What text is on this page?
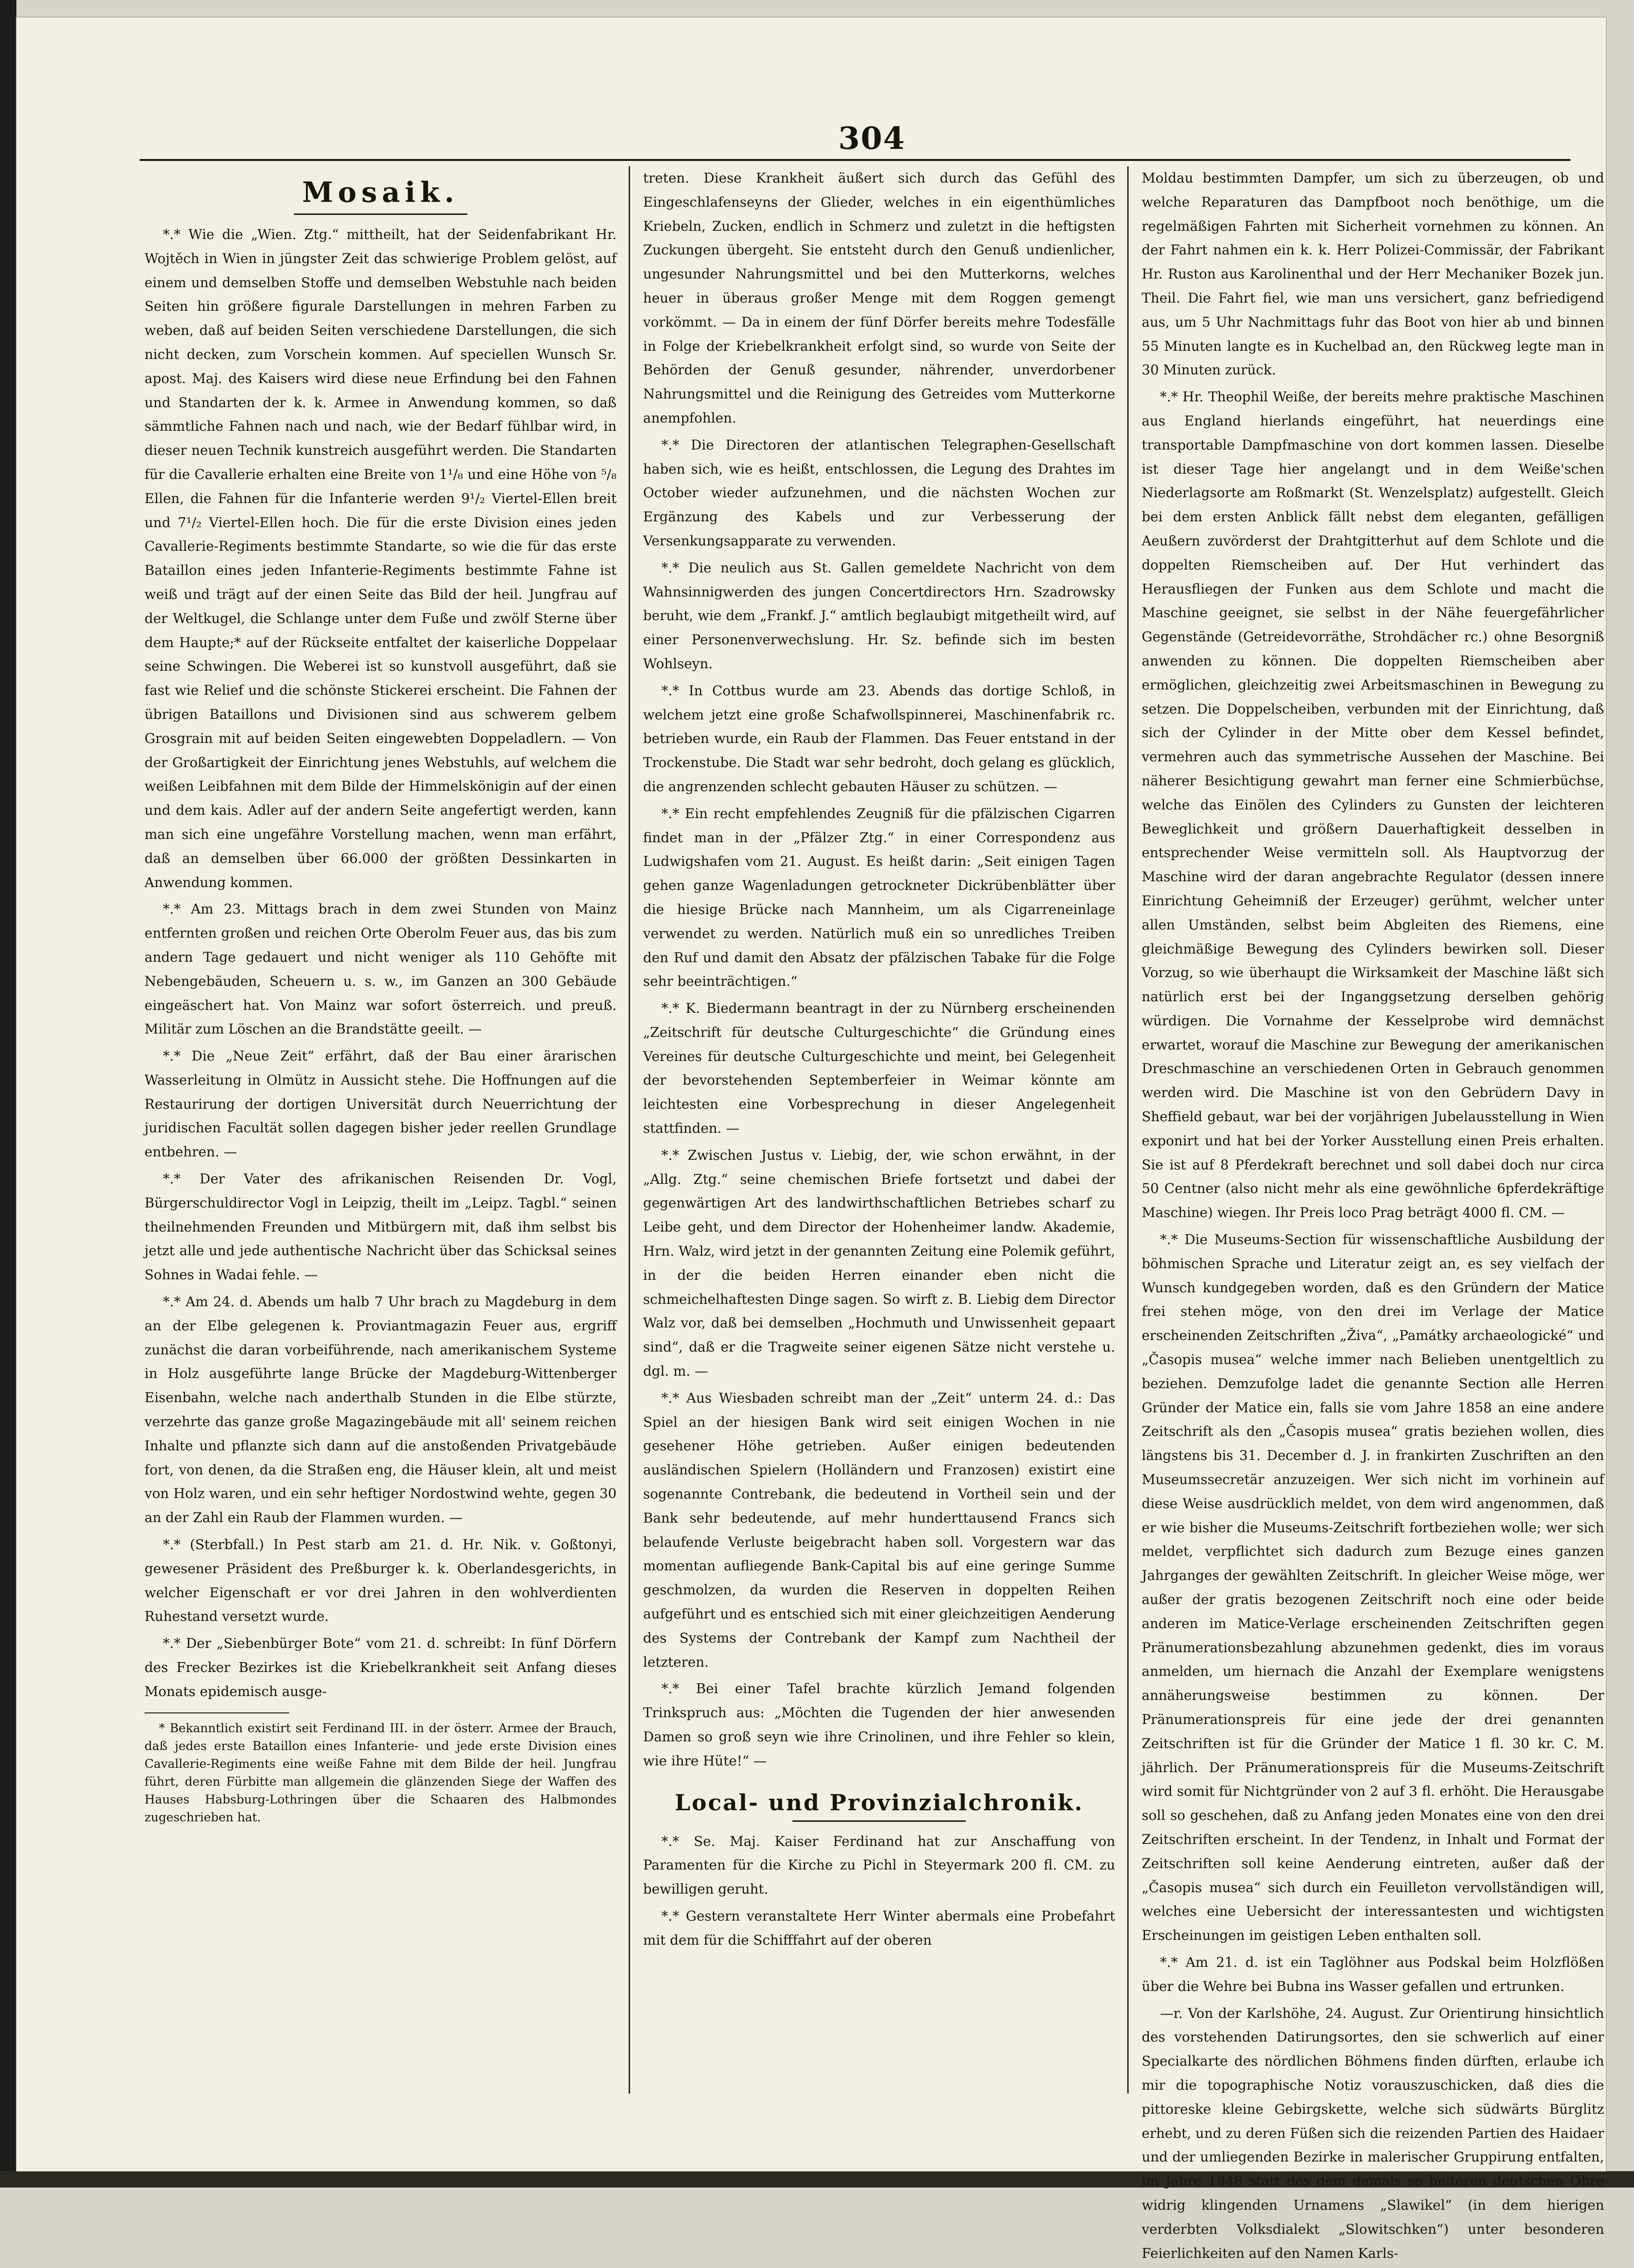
304
Mosaik.

*.* Wie die „Wien. Ztg.“ mittheilt, hat der Seidenfabrikant Hr. Wojtěch in Wien in jüngster Zeit das schwierige Problem gelöst, auf einem und demselben Stoffe und demselben Webstuhle nach beiden Seiten hin größere figurale Darstellungen in mehren Farben zu weben, daß auf beiden Seiten verschiedene Darstellungen, die sich nicht decken, zum Vorschein kommen. Auf speciellen Wunsch Sr. apost. Maj. des Kaisers wird diese neue Erfindung bei den Fahnen und Standarten der k. k. Armee in Anwendung kommen, so daß sämmtliche Fahnen nach und nach, wie der Bedarf fühlbar wird, in dieser neuen Technik kunstreich ausgeführt werden. Die Standarten für die Cavallerie erhalten eine Breite von 1¹/₈ und eine Höhe von ⁵/₈ Ellen, die Fahnen für die Infanterie werden 9¹/₂ Viertel-Ellen breit und 7¹/₂ Viertel-Ellen hoch. Die für die erste Division eines jeden Cavallerie-Regiments bestimmte Standarte, so wie die für das erste Bataillon eines jeden Infanterie-Regiments bestimmte Fahne ist weiß und trägt auf der einen Seite das Bild der heil. Jungfrau auf der Weltkugel, die Schlange unter dem Fuße und zwölf Sterne über dem Haupte;* auf der Rückseite entfaltet der kaiserliche Doppelaar seine Schwingen. Die Weberei ist so kunstvoll ausgeführt, daß sie fast wie Relief und die schönste Stickerei erscheint. Die Fahnen der übrigen Bataillons und Divisionen sind aus schwerem gelbem Grosgrain mit auf beiden Seiten eingewebten Doppeladlern. — Von der Großartigkeit der Einrichtung jenes Webstuhls, auf welchem die weißen Leibfahnen mit dem Bilde der Himmelskönigin auf der einen und dem kais. Adler auf der andern Seite angefertigt werden, kann man sich eine ungefähre Vorstellung machen, wenn man erfährt, daß an demselben über 66.000 der größten Dessinkarten in Anwendung kommen.

*.* Am 23. Mittags brach in dem zwei Stunden von Mainz entfernten großen und reichen Orte Oberolm Feuer aus, das bis zum andern Tage gedauert und nicht weniger als 110 Gehöfte mit Nebengebäuden, Scheuern u. s. w., im Ganzen an 300 Gebäude eingeäschert hat. Von Mainz war sofort österreich. und preuß. Militär zum Löschen an die Brandstätte geeilt. —

*.* Die „Neue Zeit“ erfährt, daß der Bau einer ärarischen Wasserleitung in Olmütz in Aussicht stehe. Die Hoffnungen auf die Restaurirung der dortigen Universität durch Neuerrichtung der juridischen Facultät sollen dagegen bisher jeder reellen Grundlage entbehren. —

*.* Der Vater des afrikanischen Reisenden Dr. Vogl, Bürgerschuldirector Vogl in Leipzig, theilt im „Leipz. Tagbl.“ seinen theilnehmenden Freunden und Mitbürgern mit, daß ihm selbst bis jetzt alle und jede authentische Nachricht über das Schicksal seines Sohnes in Wadai fehle. —

*.* Am 24. d. Abends um halb 7 Uhr brach zu Magdeburg in dem an der Elbe gelegenen k. Proviantmagazin Feuer aus, ergriff zunächst die daran vorbeiführende, nach amerikanischem Systeme in Holz ausgeführte lange Brücke der Magdeburg-Wittenberger Eisenbahn, welche nach anderthalb Stunden in die Elbe stürzte, verzehrte das ganze große Magazingebäude mit all' seinem reichen Inhalte und pflanzte sich dann auf die anstoßenden Privatgebäude fort, von denen, da die Straßen eng, die Häuser klein, alt und meist von Holz waren, und ein sehr heftiger Nordostwind wehte, gegen 30 an der Zahl ein Raub der Flammen wurden. —

*.* (Sterbfall.) In Pest starb am 21. d. Hr. Nik. v. Goßtonyi, gewesener Präsident des Preßburger k. k. Oberlandesgerichts, in welcher Eigenschaft er vor drei Jahren in den wohlverdienten Ruhestand versetzt wurde.

*.* Der „Siebenbürger Bote“ vom 21. d. schreibt: In fünf Dörfern des Frecker Bezirkes ist die Kriebelkrankheit seit Anfang dieses Monats epidemisch ausge-

* Bekanntlich existirt seit Ferdinand III. in der österr. Armee der Brauch, daß jedes erste Bataillon eines Infanterie- und jede erste Division eines Cavallerie-Regiments eine weiße Fahne mit dem Bilde der heil. Jungfrau führt, deren Fürbitte man allgemein die glänzenden Siege der Waffen des Hauses Habsburg-Lothringen über die Schaaren des Halbmondes zugeschrieben hat.

treten. Diese Krankheit äußert sich durch das Gefühl des Eingeschlafenseyns der Glieder, welches in ein eigenthümliches Kriebeln, Zucken, endlich in Schmerz und zuletzt in die heftigsten Zuckungen übergeht. Sie entsteht durch den Genuß undienlicher, ungesunder Nahrungsmittel und bei den Mutterkorns, welches heuer in überaus großer Menge mit dem Roggen gemengt vorkömmt. — Da in einem der fünf Dörfer bereits mehre Todesfälle in Folge der Kriebelkrankheit erfolgt sind, so wurde von Seite der Behörden der Genuß gesunder, nährender, unverdorbener Nahrungsmittel und die Reinigung des Getreides vom Mutterkorne anempfohlen.

*.* Die Directoren der atlantischen Telegraphen-Gesellschaft haben sich, wie es heißt, entschlossen, die Legung des Drahtes im October wieder aufzunehmen, und die nächsten Wochen zur Ergänzung des Kabels und zur Verbesserung der Versenkungsapparate zu verwenden.

*.* Die neulich aus St. Gallen gemeldete Nachricht von dem Wahnsinnigwerden des jungen Concertdirectors Hrn. Szadrowsky beruht, wie dem „Frankf. J.“ amtlich beglaubigt mitgetheilt wird, auf einer Personenverwechslung. Hr. Sz. befinde sich im besten Wohlseyn.

*.* In Cottbus wurde am 23. Abends das dortige Schloß, in welchem jetzt eine große Schafwollspinnerei, Maschinenfabrik rc. betrieben wurde, ein Raub der Flammen. Das Feuer entstand in der Trockenstube. Die Stadt war sehr bedroht, doch gelang es glücklich, die angrenzenden schlecht gebauten Häuser zu schützen. —

*.* Ein recht empfehlendes Zeugniß für die pfälzischen Cigarren findet man in der „Pfälzer Ztg.“ in einer Correspondenz aus Ludwigshafen vom 21. August. Es heißt darin: „Seit einigen Tagen gehen ganze Wagenladungen getrockneter Dickrübenblätter über die hiesige Brücke nach Mannheim, um als Cigarreneinlage verwendet zu werden. Natürlich muß ein so unredliches Treiben den Ruf und damit den Absatz der pfälzischen Tabake für die Folge sehr beeinträchtigen.“

*.* K. Biedermann beantragt in der zu Nürnberg erscheinenden „Zeitschrift für deutsche Culturgeschichte“ die Gründung eines Vereines für deutsche Culturgeschichte und meint, bei Gelegenheit der bevorstehenden Septemberfeier in Weimar könnte am leichtesten eine Vorbesprechung in dieser Angelegenheit stattfinden. —

*.* Zwischen Justus v. Liebig, der, wie schon erwähnt, in der „Allg. Ztg.“ seine chemischen Briefe fortsetzt und dabei der gegenwärtigen Art des landwirthschaftlichen Betriebes scharf zu Leibe geht, und dem Director der Hohenheimer landw. Akademie, Hrn. Walz, wird jetzt in der genannten Zeitung eine Polemik geführt, in der die beiden Herren einander eben nicht die schmeichelhaftesten Dinge sagen. So wirft z. B. Liebig dem Director Walz vor, daß bei demselben „Hochmuth und Unwissenheit gepaart sind“, daß er die Tragweite seiner eigenen Sätze nicht verstehe u. dgl. m. —

*.* Aus Wiesbaden schreibt man der „Zeit“ unterm 24. d.: Das Spiel an der hiesigen Bank wird seit einigen Wochen in nie gesehener Höhe getrieben. Außer einigen bedeutenden ausländischen Spielern (Holländern und Franzosen) existirt eine sogenannte Contrebank, die bedeutend in Vortheil sein und der Bank sehr bedeutende, auf mehr hunderttausend Francs sich belaufende Verluste beigebracht haben soll. Vorgestern war das momentan aufliegende Bank-Capital bis auf eine geringe Summe geschmolzen, da wurden die Reserven in doppelten Reihen aufgeführt und es entschied sich mit einer gleichzeitigen Aenderung des Systems der Contrebank der Kampf zum Nachtheil der letzteren.

*.* Bei einer Tafel brachte kürzlich Jemand folgenden Trinkspruch aus: „Möchten die Tugenden der hier anwesenden Damen so groß seyn wie ihre Crinolinen, und ihre Fehler so klein, wie ihre Hüte!“ —

Local- und Provinzialchronik.

*.* Se. Maj. Kaiser Ferdinand hat zur Anschaffung von Paramenten für die Kirche zu Pichl in Steyermark 200 fl. CM. zu bewilligen geruht.

*.* Gestern veranstaltete Herr Winter abermals eine Probefahrt mit dem für die Schifffahrt auf der oberen

Moldau bestimmten Dampfer, um sich zu überzeugen, ob und welche Reparaturen das Dampfboot noch benöthige, um die regelmäßigen Fahrten mit Sicherheit vornehmen zu können. An der Fahrt nahmen ein k. k. Herr Polizei-Commissär, der Fabrikant Hr. Ruston aus Karolinenthal und der Herr Mechaniker Bozek jun. Theil. Die Fahrt fiel, wie man uns versichert, ganz befriedigend aus, um 5 Uhr Nachmittags fuhr das Boot von hier ab und binnen 55 Minuten langte es in Kuchelbad an, den Rückweg legte man in 30 Minuten zurück.

*.* Hr. Theophil Weiße, der bereits mehre praktische Maschinen aus England hierlands eingeführt, hat neuerdings eine transportable Dampfmaschine von dort kommen lassen. Dieselbe ist dieser Tage hier angelangt und in dem Weiße'schen Niederlagsorte am Roßmarkt (St. Wenzelsplatz) aufgestellt. Gleich bei dem ersten Anblick fällt nebst dem eleganten, gefälligen Aeußern zuvörderst der Drahtgitterhut auf dem Schlote und die doppelten Riemscheiben auf. Der Hut verhindert das Herausfliegen der Funken aus dem Schlote und macht die Maschine geeignet, sie selbst in der Nähe feuergefährlicher Gegenstände (Getreidevorräthe, Strohdächer rc.) ohne Besorgniß anwenden zu können. Die doppelten Riemscheiben aber ermöglichen, gleichzeitig zwei Arbeitsmaschinen in Bewegung zu setzen. Die Doppelscheiben, verbunden mit der Einrichtung, daß sich der Cylinder in der Mitte ober dem Kessel befindet, vermehren auch das symmetrische Aussehen der Maschine. Bei näherer Besichtigung gewahrt man ferner eine Schmierbüchse, welche das Einölen des Cylinders zu Gunsten der leichteren Beweglichkeit und größern Dauerhaftigkeit desselben in entsprechender Weise vermitteln soll. Als Hauptvorzug der Maschine wird der daran angebrachte Regulator (dessen innere Einrichtung Geheimniß der Erzeuger) gerühmt, welcher unter allen Umständen, selbst beim Abgleiten des Riemens, eine gleichmäßige Bewegung des Cylinders bewirken soll. Dieser Vorzug, so wie überhaupt die Wirksamkeit der Maschine läßt sich natürlich erst bei der Inganggsetzung derselben gehörig würdigen. Die Vornahme der Kesselprobe wird demnächst erwartet, worauf die Maschine zur Bewegung der amerikanischen Dreschmaschine an verschiedenen Orten in Gebrauch genommen werden wird. Die Maschine ist von den Gebrüdern Davy in Sheffield gebaut, war bei der vorjährigen Jubelausstellung in Wien exponirt und hat bei der Yorker Ausstellung einen Preis erhalten. Sie ist auf 8 Pferdekraft berechnet und soll dabei doch nur circa 50 Centner (also nicht mehr als eine gewöhnliche 6pferdekräftige Maschine) wiegen. Ihr Preis loco Prag beträgt 4000 fl. CM. —

*.* Die Museums-Section für wissenschaftliche Ausbildung der böhmischen Sprache und Literatur zeigt an, es sey vielfach der Wunsch kundgegeben worden, daß es den Gründern der Matice frei stehen möge, von den drei im Verlage der Matice erscheinenden Zeitschriften „Živa“, „Památky archaeologické“ und „Časopis musea“ welche immer nach Belieben unentgeltlich zu beziehen. Demzufolge ladet die genannte Section alle Herren Gründer der Matice ein, falls sie vom Jahre 1858 an eine andere Zeitschrift als den „Časopis musea“ gratis beziehen wollen, dies längstens bis 31. December d. J. in frankirten Zuschriften an den Museumssecretär anzuzeigen. Wer sich nicht im vorhinein auf diese Weise ausdrücklich meldet, von dem wird angenommen, daß er wie bisher die Museums-Zeitschrift fortbeziehen wolle; wer sich meldet, verpflichtet sich dadurch zum Bezuge eines ganzen Jahrganges der gewählten Zeitschrift. In gleicher Weise möge, wer außer der gratis bezogenen Zeitschrift noch eine oder beide anderen im Matice-Verlage erscheinenden Zeitschriften gegen Pränumerationsbezahlung abzunehmen gedenkt, dies im voraus anmelden, um hiernach die Anzahl der Exemplare wenigstens annäherungsweise bestimmen zu können. Der Pränumerationspreis für eine jede der drei genannten Zeitschriften ist für die Gründer der Matice 1 fl. 30 kr. C. M. jährlich. Der Pränumerationspreis für die Museums-Zeitschrift wird somit für Nichtgründer von 2 auf 3 fl. erhöht. Die Herausgabe soll so geschehen, daß zu Anfang jeden Monates eine von den drei Zeitschriften erscheint. In der Tendenz, in Inhalt und Format der Zeitschriften soll keine Aenderung eintreten, außer daß der „Časopis musea“ sich durch ein Feuilleton vervollständigen will, welches eine Uebersicht der interessantesten und wichtigsten Erscheinungen im geistigen Leben enthalten soll.

*.* Am 21. d. ist ein Taglöhner aus Podskal beim Holzflößen über die Wehre bei Bubna ins Wasser gefallen und ertrunken.

—r. Von der Karlshöhe, 24. August. Zur Orientirung hinsichtlich des vorstehenden Datirungsortes, den sie schwerlich auf einer Specialkarte des nördlichen Böhmens finden dürften, erlaube ich mir die topographische Notiz vorauszuschicken, daß dies die pittoreske kleine Gebirgskette, welche sich südwärts Bürglitz erhebt, und zu deren Füßen sich die reizenden Partien des Haidaer und der umliegenden Bezirke in malerischer Gruppirung entfalten, im Jahre 1848 statt des dem damals so heiteren deutschen Ohre widrig klingenden Urnamens „Slawikel“ (in dem hierigen verderbten Volksdialekt „Slowitschken“) unter besonderen Feierlichkeiten auf den Namen Karls-
